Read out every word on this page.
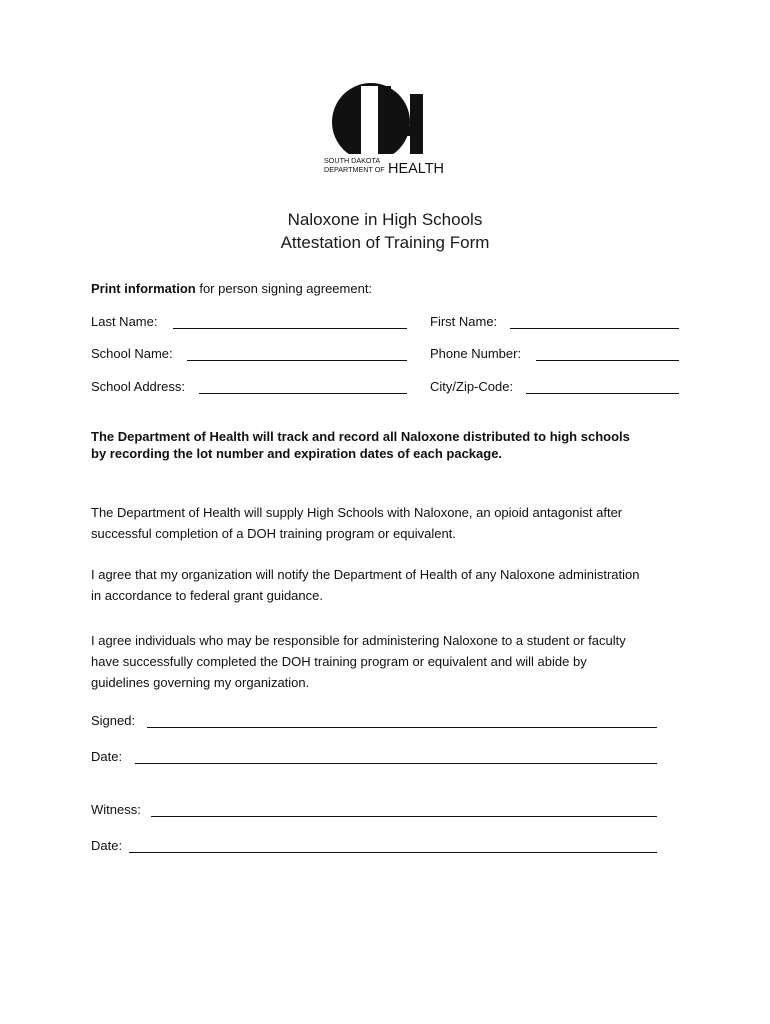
SOUTH DAKOTA
DEPARTMENT OF HEALTH
Naloxone in High Schools
Attestation of Training Form
Print information for person signing agreement:
Last Name:	First Name:
School Name:	Phone Number:
School Address:	City/Zip-Code:
The Department of Health will track and record all Naloxone distributed to high schools
by recording the lot number and expiration dates of each package.
The Department of Health will supply High Schools with Naloxone, an opioid antagonist after
successful completion of a DOH training program or equivalent.
I agree that my organization will notify the Department of Health of any Naloxone administration
in accordance to federal grant guidance.
I agree individuals who may be responsible for administering Naloxone to a student or faculty
have successfully completed the DOH training program or equivalent and will abide by
guidelines governing my organization.
Signed:
Date:
Witness:
Date:
